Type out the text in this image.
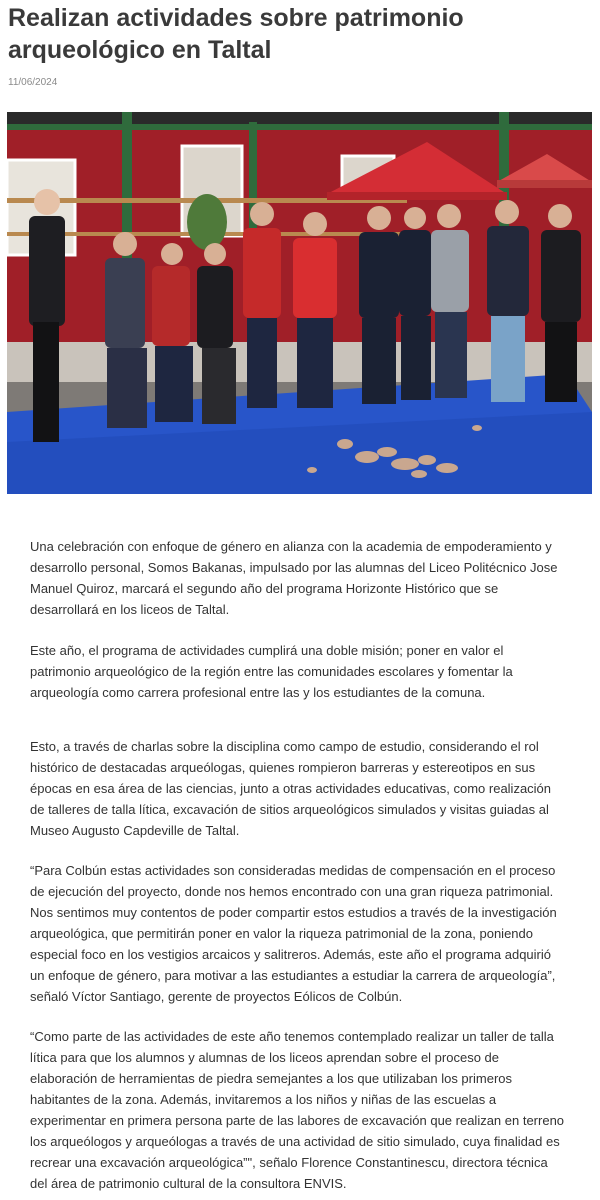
Realizan actividades sobre patrimonio arqueológico en Taltal
11/06/2024

Una celebración con enfoque de género en alianza con la academia de empoderamiento y desarrollo personal, Somos Bakanas, impulsado por las alumnas del Liceo Politécnico Jose Manuel Quiroz, marcará el segundo año del programa Horizonte Histórico que se desarrollará en los liceos de Taltal.

Este año, el programa de actividades cumplirá una doble misión; poner en valor el patrimonio arqueológico de la región entre las comunidades escolares y fomentar la arqueología como carrera profesional entre las y los estudiantes de la comuna.

Esto, a través de charlas sobre la disciplina como campo de estudio, considerando el rol histórico de destacadas arqueólogas, quienes rompieron barreras y estereotipos en sus épocas en esa área de las ciencias, junto a otras actividades educativas, como realización de talleres de talla lítica, excavación de sitios arqueológicos simulados y visitas guiadas al Museo Augusto Capdeville de Taltal.

“Para Colbún estas actividades son consideradas medidas de compensación en el proceso de ejecución del proyecto, donde nos hemos encontrado con una gran riqueza patrimonial. Nos sentimos muy contentos de poder compartir estos estudios a través de la investigación arqueológica, que permitirán poner en valor la riqueza patrimonial de la zona, poniendo especial foco en los vestigios arcaicos y salitreros. Además, este año el programa adquirió un enfoque de género, para motivar a las estudiantes a estudiar la carrera de arqueología”, señaló Víctor Santiago, gerente de proyectos Eólicos de Colbún.

“Como parte de las actividades de este año tenemos contemplado realizar un taller de talla lítica para que los alumnos y alumnas de los liceos aprendan sobre el proceso de elaboración de herramientas de piedra semejantes a los que utilizaban los primeros habitantes de la zona. Además, invitaremos a los niños y niñas de las escuelas a experimentar en primera persona parte de las labores de excavación que realizan en terreno los arqueólogos y arqueólogas a través de una actividad de sitio simulado, cuya finalidad es recrear una excavación arqueológica”", señalo Florence Constantinescu, directora técnica del área de patrimonio cultural de la consultora ENVIS.
